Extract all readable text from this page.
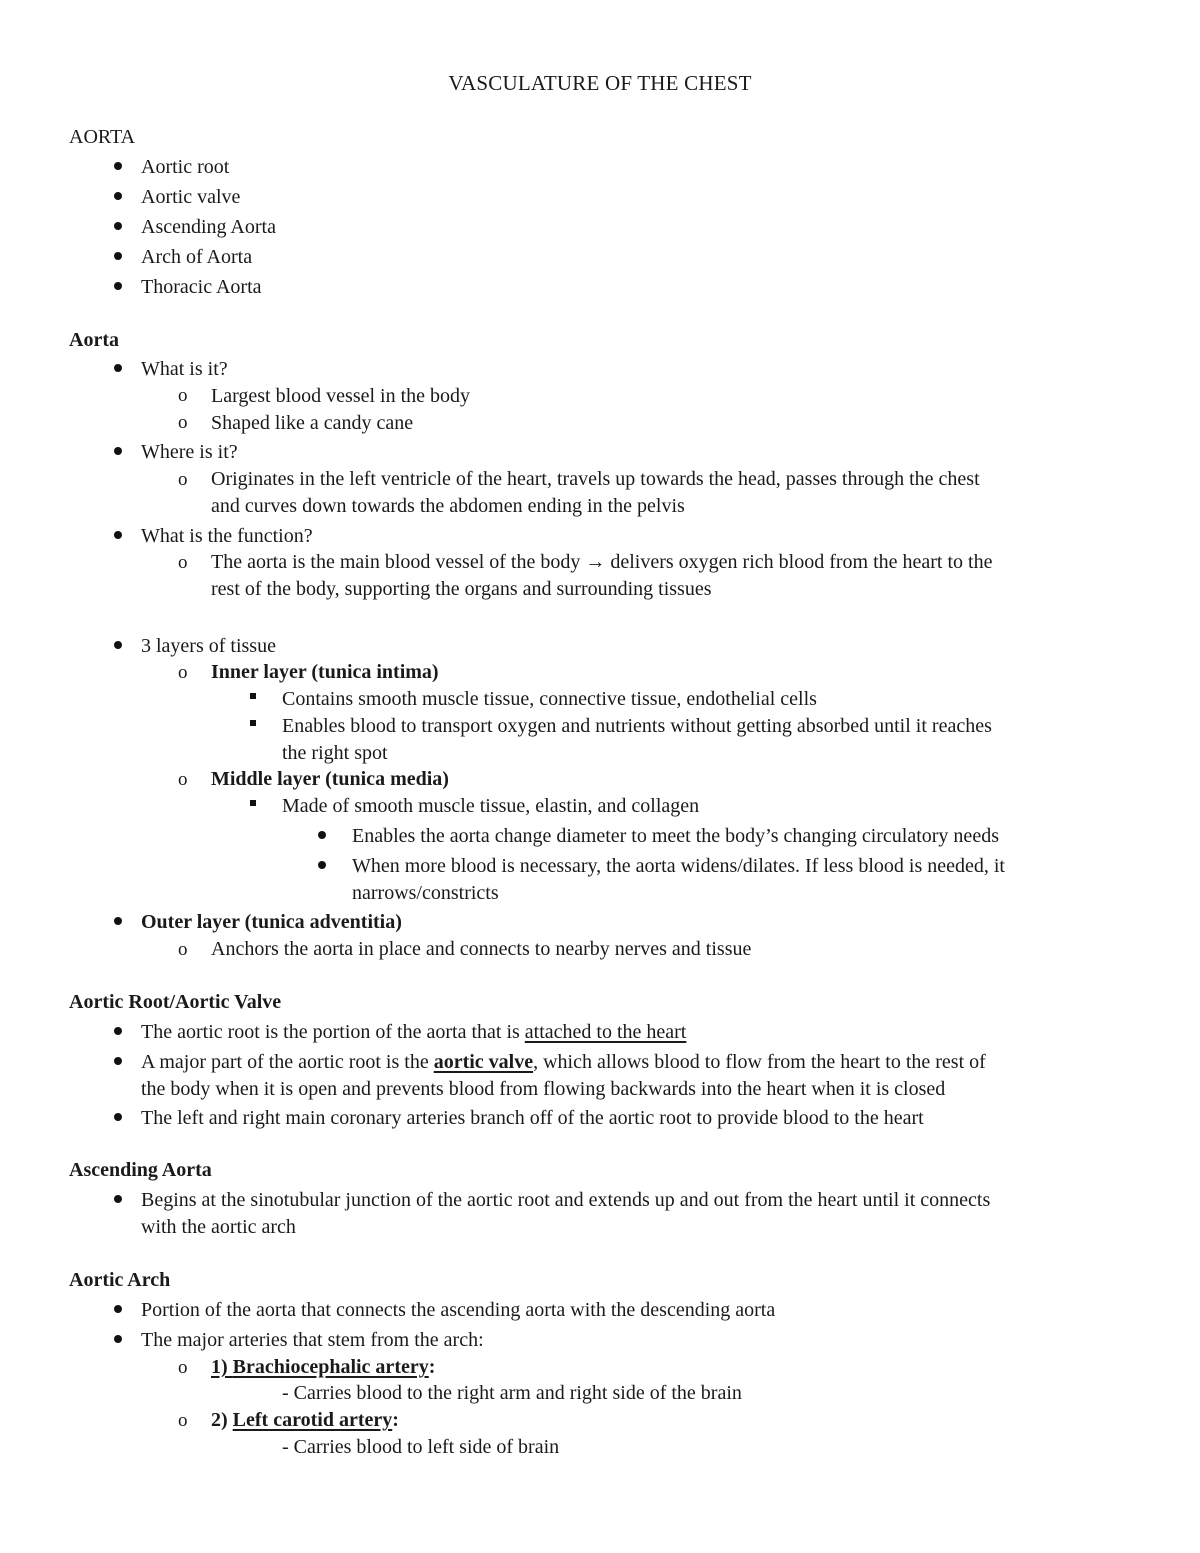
VASCULATURE OF THE CHEST
AORTA
Aortic root
Aortic valve
Ascending Aorta
Arch of Aorta
Thoracic Aorta
Aorta
What is it?
o Largest blood vessel in the body
o Shaped like a candy cane
Where is it?
o Originates in the left ventricle of the heart, travels up towards the head, passes through the chest
and curves down towards the abdomen ending in the pelvis
What is the function?
o The aorta is the main blood vessel of the body → delivers oxygen rich blood from the heart to the
rest of the body, supporting the organs and surrounding tissues
3 layers of tissue
o Inner layer (tunica intima)
Contains smooth muscle tissue, connective tissue, endothelial cells
Enables blood to transport oxygen and nutrients without getting absorbed until it reaches
the right spot
o Middle layer (tunica media)
Made of smooth muscle tissue, elastin, and collagen
Enables the aorta change diameter to meet the body’s changing circulatory needs
When more blood is necessary, the aorta widens/dilates. If less blood is needed, it
narrows/constricts
Outer layer (tunica adventitia)
o Anchors the aorta in place and connects to nearby nerves and tissue
Aortic Root/Aortic Valve
The aortic root is the portion of the aorta that is attached to the heart
A major part of the aortic root is the aortic valve, which allows blood to flow from the heart to the rest of
the body when it is open and prevents blood from flowing backwards into the heart when it is closed
The left and right main coronary arteries branch off of the aortic root to provide blood to the heart
Ascending Aorta
Begins at the sinotubular junction of the aortic root and extends up and out from the heart until it connects
with the aortic arch
Aortic Arch
Portion of the aorta that connects the ascending aorta with the descending aorta
The major arteries that stem from the arch:
o 1) Brachiocephalic artery:
- Carries blood to the right arm and right side of the brain
o 2) Left carotid artery:
- Carries blood to left side of brain
